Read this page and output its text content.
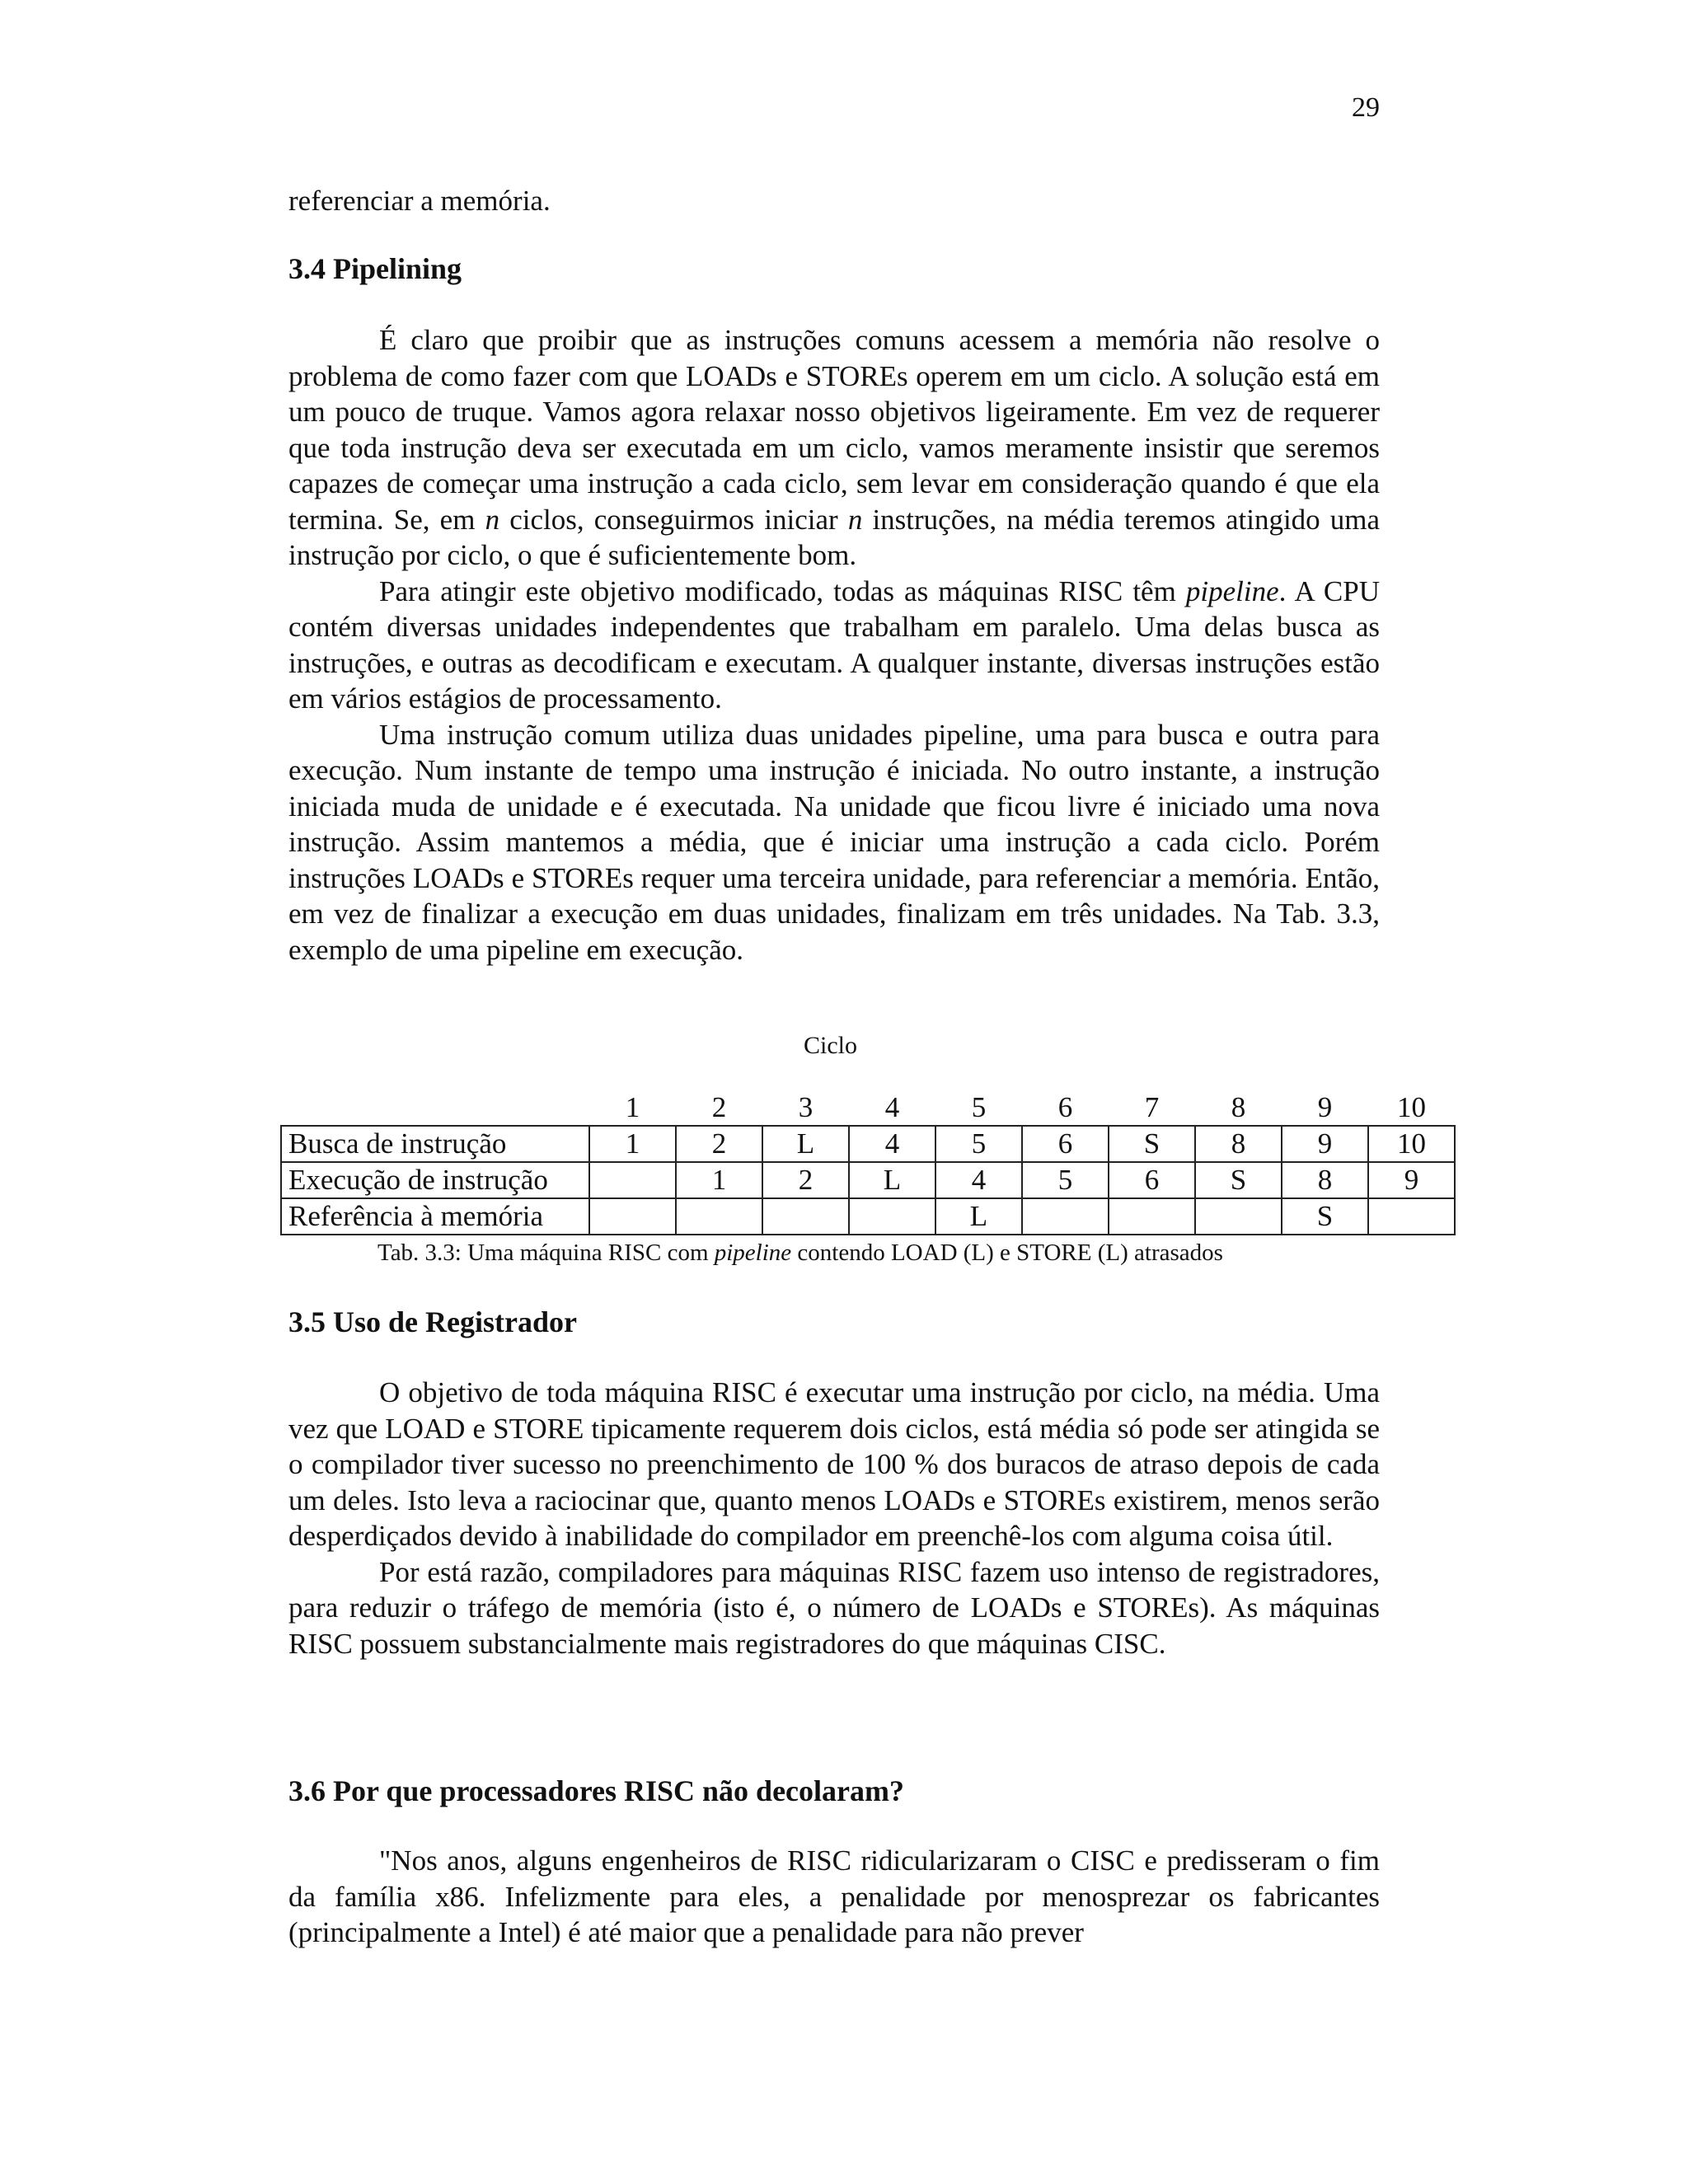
29
referenciar a memória.
3.4 Pipelining
É claro que proibir que as instruções comuns acessem a memória não resolve o problema de como fazer com que LOADs e STOREs operem em um ciclo. A solução está em um pouco de truque. Vamos agora relaxar nosso objetivos ligeiramente. Em vez de requerer que toda instrução deva ser executada em um ciclo, vamos meramente insistir que seremos capazes de começar uma instrução a cada ciclo, sem levar em consideração quando é que ela termina. Se, em n ciclos, conseguirmos iniciar n instruções, na média teremos atingido uma instrução por ciclo, o que é suficientemente bom.
Para atingir este objetivo modificado, todas as máquinas RISC têm pipeline. A CPU contém diversas unidades independentes que trabalham em paralelo. Uma delas busca as instruções, e outras as decodificam e executam. A qualquer instante, diversas instruções estão em vários estágios de processamento.
Uma instrução comum utiliza duas unidades pipeline, uma para busca e outra para execução. Num instante de tempo uma instrução é iniciada. No outro instante, a instrução iniciada muda de unidade e é executada. Na unidade que ficou livre é iniciado uma nova instrução. Assim mantemos a média, que é iniciar uma instrução a cada ciclo. Porém instruções LOADs e STOREs requer uma terceira unidade, para referenciar a memória. Então, em vez de finalizar a execução em duas unidades, finalizam em três unidades. Na Tab. 3.3, exemplo de uma pipeline em execução.
Ciclo
	1	2	3	4	5	6	7	8	9	10
Busca de instrução	1	2	L	4	5	6	S	8	9	10
Execução de instrução		1	2	L	4	5	6	S	8	9
Referência à memória					L				S	
Tab. 3.3: Uma máquina RISC com pipeline contendo LOAD (L) e STORE (L) atrasados
3.5 Uso de Registrador
O objetivo de toda máquina RISC é executar uma instrução por ciclo, na média. Uma vez que LOAD e STORE tipicamente requerem dois ciclos, está média só pode ser atingida se o compilador tiver sucesso no preenchimento de 100 % dos buracos de atraso depois de cada um deles. Isto leva a raciocinar que, quanto menos LOADs e STOREs existirem, menos serão desperdiçados devido à inabilidade do compilador em preenchê-los com alguma coisa útil.
Por está razão, compiladores para máquinas RISC fazem uso intenso de registradores, para reduzir o tráfego de memória (isto é, o número de LOADs e STOREs). As máquinas RISC possuem substancialmente mais registradores do que máquinas CISC.
3.6 Por que processadores RISC não decolaram?
"Nos anos, alguns engenheiros de RISC ridicularizaram o CISC e predisseram o fim da família x86. Infelizmente para eles, a penalidade por menosprezar os fabricantes (principalmente a Intel) é até maior que a penalidade para não prever
